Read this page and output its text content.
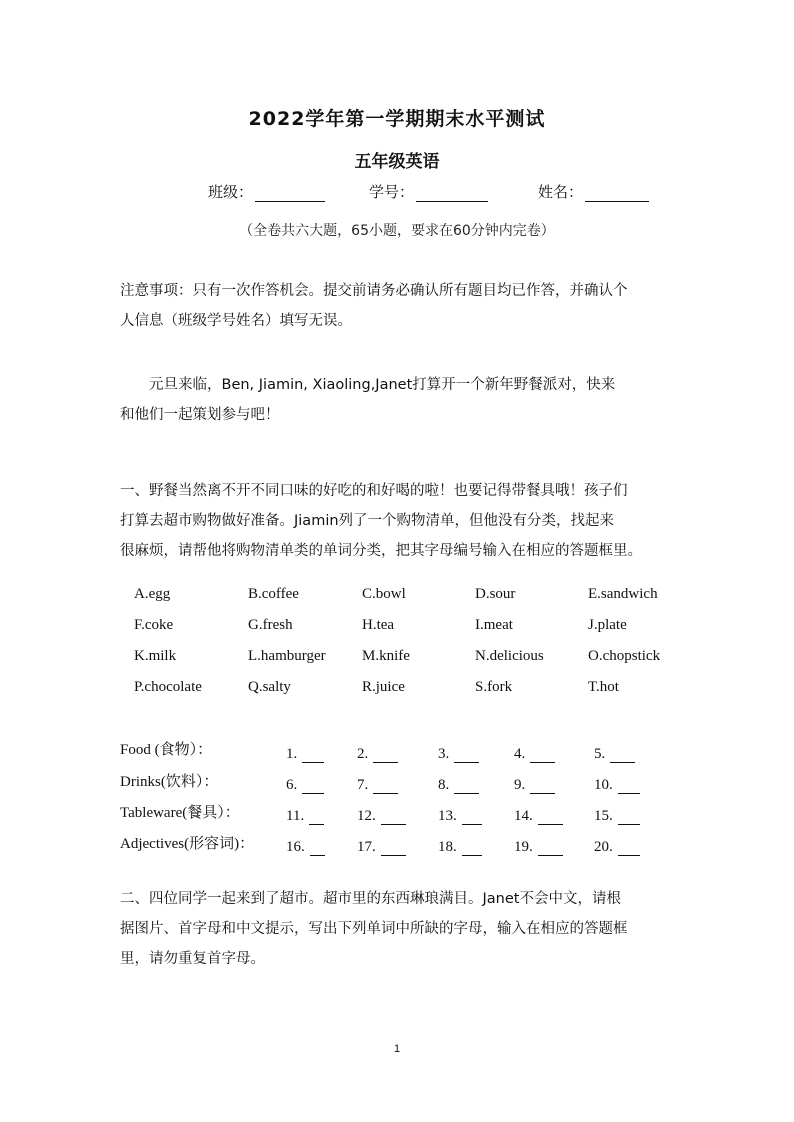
2022学年第一学期期末水平测试
五年级英语
班级：	学号：	姓名：
（全卷共六大题，65小题，要求在60分钟内完卷）
注意事项：只有一次作答机会。提交前请务必确认所有题目均已作答，并确认个
人信息（班级学号姓名）填写无误。
元旦来临，Ben, Jiamin, Xiaoling,Janet打算开一个新年野餐派对，快来
和他们一起策划参与吧！
一、野餐当然离不开不同口味的好吃的和好喝的啦！也要记得带餐具哦！孩子们
打算去超市购物做好准备。Jiamin列了一个购物清单，但他没有分类，找起来
很麻烦，请帮他将购物清单类的单词分类，把其字母编号输入在相应的答题框里。
A.egg	B.coffee	C.bowl	D.sour	E.sandwich
F.coke	G.fresh	H.tea	I.meat	J.plate
K.milk	L.hamburger M.knife	N.delicious	O.chopstick
P.chocolate	Q.salty	R.juice	S.fork	T.hot
Food (食物）：	1.	2.	3.	4.	5.
Drinks(饮料）：	6.	7.	8.	9.	10.
Tableware(餐具）：	11.	12.	13.	14.	15.
Adjectives(形容词)： 16.	17.	18.	19.	20.
二、四位同学一起来到了超市。超市里的东西琳琅满目。Janet不会中文，请根
据图片、首字母和中文提示，写出下列单词中所缺的字母，输入在相应的答题框
里，请勿重复首字母。
1
